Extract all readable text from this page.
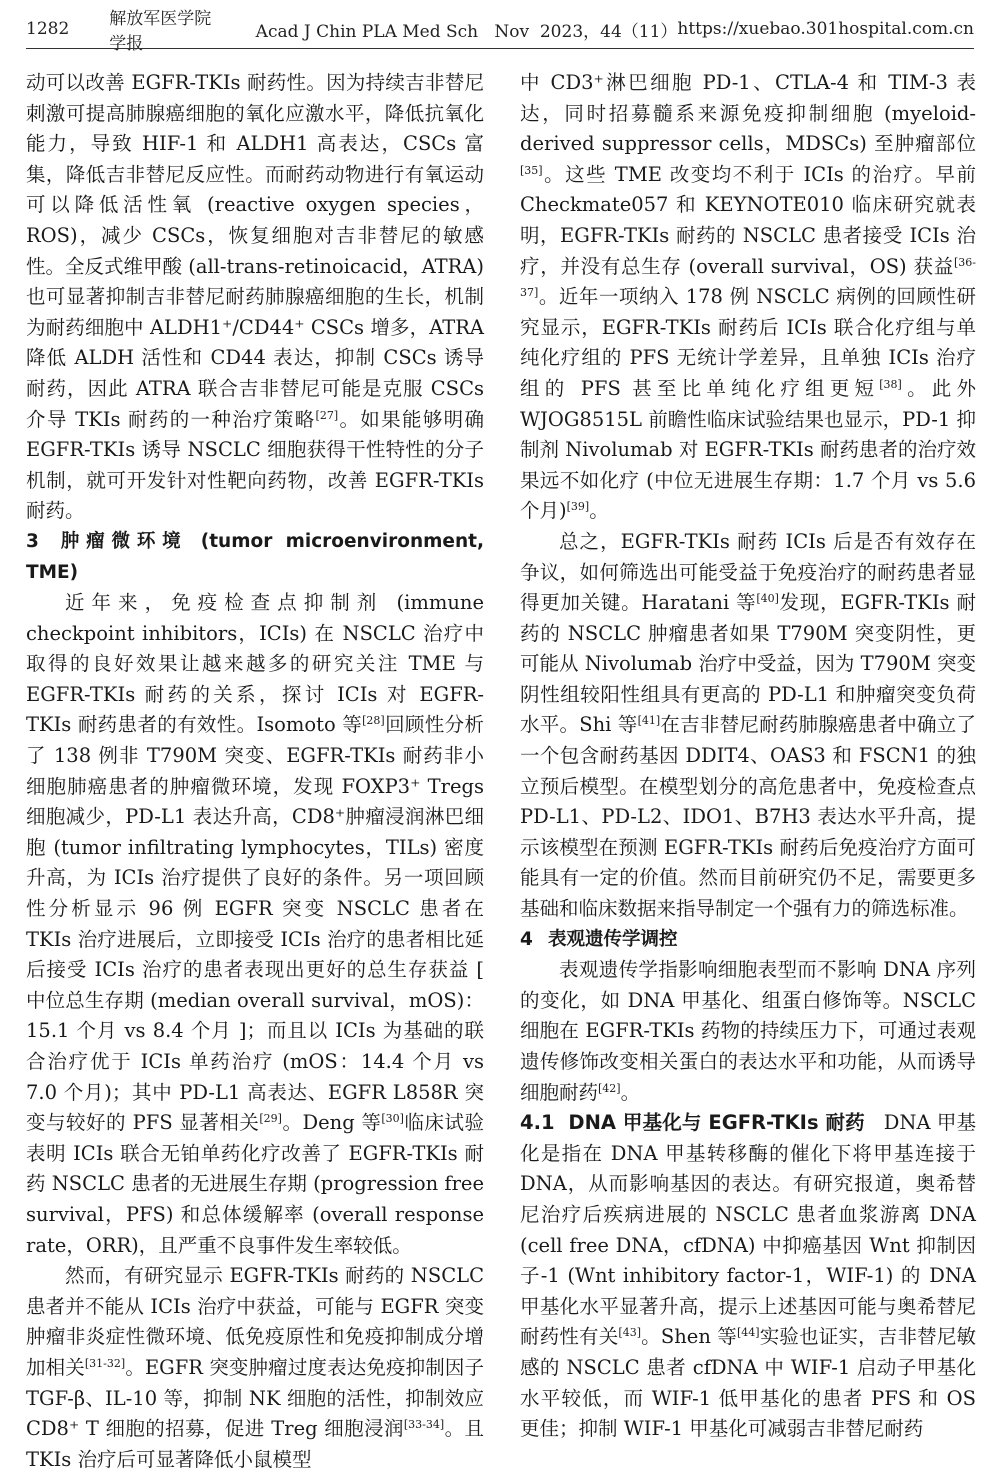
1282 解放军医学院学报
Acad J Chin PLA Med Sch   Nov  2023，44（11） https://xuebao.301hospital.com.cn

动可以改善 EGFR-TKIs 耐药性。因为持续吉非替尼刺激可提高肺腺癌细胞的氧化应激水平，降低抗氧化能力，导致 HIF-1 和 ALDH1 高表达，CSCs 富集，降低吉非替尼反应性。而耐药动物进行有氧运动可以降低活性氧 (reactive oxygen species，ROS)，减少 CSCs，恢复细胞对吉非替尼的敏感性。全反式维甲酸 (all-trans-retinoicacid，ATRA) 也可显著抑制吉非替尼耐药肺腺癌细胞的生长，机制为耐药细胞中 ALDH1⁺/CD44⁺ CSCs 增多，ATRA 降低 ALDH 活性和 CD44 表达，抑制 CSCs 诱导耐药，因此 ATRA 联合吉非替尼可能是克服 CSCs 介导 TKIs 耐药的一种治疗策略[27]。如果能够明确 EGFR-TKIs 诱导 NSCLC 细胞获得干性特性的分子机制，就可开发针对性靶向药物，改善 EGFR-TKIs 耐药。

3 肿瘤微环境 (tumor microenvironment, TME)

近年来，免疫检查点抑制剂 (immune checkpoint inhibitors，ICIs) 在 NSCLC 治疗中取得的良好效果让越来越多的研究关注 TME 与 EGFR-TKIs 耐药的关系，探讨 ICIs 对 EGFR-TKIs 耐药患者的有效性。Isomoto 等[28]回顾性分析了 138 例非 T790M 突变、EGFR-TKIs 耐药非小细胞肺癌患者的肿瘤微环境，发现 FOXP3⁺ Tregs 细胞减少，PD-L1 表达升高，CD8⁺肿瘤浸润淋巴细胞 (tumor infiltrating lymphocytes，TILs) 密度升高，为 ICIs 治疗提供了良好的条件。另一项回顾性分析显示 96 例 EGFR 突变 NSCLC 患者在 TKIs 治疗进展后，立即接受 ICIs 治疗的患者相比延后接受 ICIs 治疗的患者表现出更好的总生存获益 [ 中位总生存期 (median overall survival，mOS)：15.1 个月 vs 8.4 个月 ]；而且以 ICIs 为基础的联合治疗优于 ICIs 单药治疗 (mOS：14.4 个月 vs 7.0 个月)；其中 PD-L1 高表达、EGFR L858R 突变与较好的 PFS 显著相关[29]。Deng 等[30]临床试验表明 ICIs 联合无铂单药化疗改善了 EGFR-TKIs 耐药 NSCLC 患者的无进展生存期 (progression free survival，PFS) 和总体缓解率 (overall response rate，ORR)，且严重不良事件发生率较低。

然而，有研究显示 EGFR-TKIs 耐药的 NSCLC 患者并不能从 ICIs 治疗中获益，可能与 EGFR 突变肿瘤非炎症性微环境、低免疫原性和免疫抑制成分增加相关[31-32]。EGFR 突变肿瘤过度表达免疫抑制因子 TGF-β、IL-10 等，抑制 NK 细胞的活性，抑制效应 CD8⁺ T 细胞的招募，促进 Treg 细胞浸润[33-34]。且 TKIs 治疗后可显著降低小鼠模型

中 CD3⁺淋巴细胞 PD-1、CTLA-4 和 TIM-3 表达，同时招募髓系来源免疫抑制细胞 (myeloid-derived suppressor cells，MDSCs) 至肿瘤部位[35]。这些 TME 改变均不利于 ICIs 的治疗。早前 Checkmate057 和 KEYNOTE010 临床研究就表明，EGFR-TKIs 耐药的 NSCLC 患者接受 ICIs 治疗，并没有总生存 (overall survival，OS) 获益[36-37]。近年一项纳入 178 例 NSCLC 病例的回顾性研究显示，EGFR-TKIs 耐药后 ICIs 联合化疗组与单纯化疗组的 PFS 无统计学差异，且单独 ICIs 治疗组的 PFS 甚至比单纯化疗组更短[38]。此外 WJOG8515L 前瞻性临床试验结果也显示，PD-1 抑制剂 Nivolumab 对 EGFR-TKIs 耐药患者的治疗效果远不如化疗 (中位无进展生存期：1.7 个月 vs 5.6 个月)[39]。

总之，EGFR-TKIs 耐药 ICIs 后是否有效存在争议，如何筛选出可能受益于免疫治疗的耐药患者显得更加关键。Haratani 等[40]发现，EGFR-TKIs 耐药的 NSCLC 肿瘤患者如果 T790M 突变阴性，更可能从 Nivolumab 治疗中受益，因为 T790M 突变阴性组较阳性组具有更高的 PD-L1 和肿瘤突变负荷水平。Shi 等[41]在吉非替尼耐药肺腺癌患者中确立了一个包含耐药基因 DDIT4、OAS3 和 FSCN1 的独立预后模型。在模型划分的高危患者中，免疫检查点 PD-L1、PD-L2、IDO1、B7H3 表达水平升高，提示该模型在预测 EGFR-TKIs 耐药后免疫治疗方面可能具有一定的价值。然而目前研究仍不足，需要更多基础和临床数据来指导制定一个强有力的筛选标准。

4 表观遗传学调控

表观遗传学指影响细胞表型而不影响 DNA 序列的变化，如 DNA 甲基化、组蛋白修饰等。NSCLC 细胞在 EGFR-TKIs 药物的持续压力下，可通过表观遗传修饰改变相关蛋白的表达水平和功能，从而诱导细胞耐药[42]。

4.1 DNA 甲基化与 EGFR-TKIs 耐药 DNA 甲基化是指在 DNA 甲基转移酶的催化下将甲基连接于 DNA，从而影响基因的表达。有研究报道，奥希替尼治疗后疾病进展的 NSCLC 患者血浆游离 DNA (cell free DNA，cfDNA) 中抑癌基因 Wnt 抑制因子-1 (Wnt inhibitory factor-1，WIF-1) 的 DNA 甲基化水平显著升高，提示上述基因可能与奥希替尼耐药性有关[43]。Shen 等[44]实验也证实，吉非替尼敏感的 NSCLC 患者 cfDNA 中 WIF-1 启动子甲基化水平较低，而 WIF-1 低甲基化的患者 PFS 和 OS 更佳；抑制 WIF-1 甲基化可减弱吉非替尼耐药
